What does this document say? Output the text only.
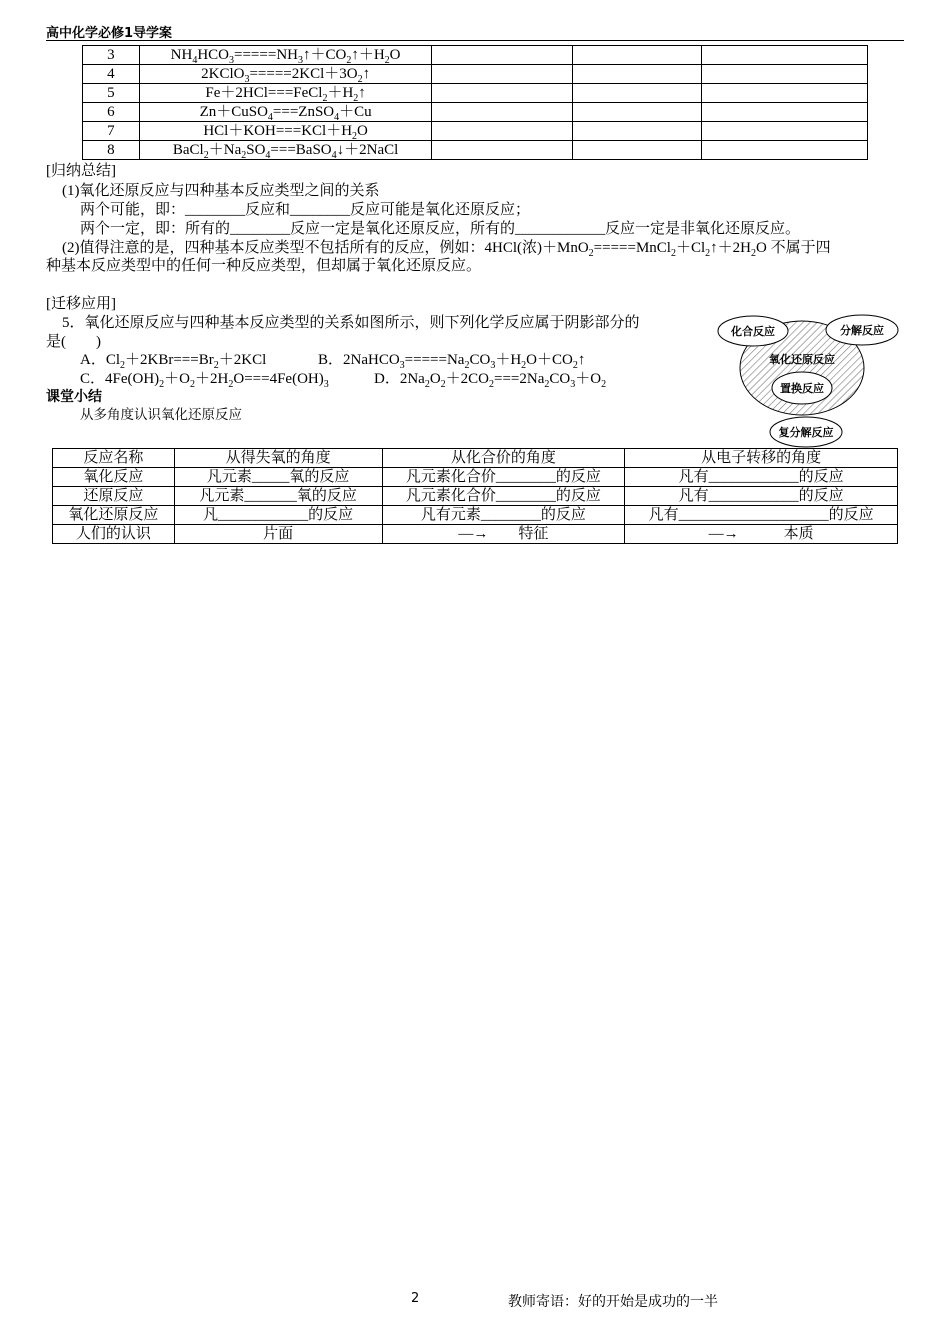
高中化学必修1导学案
3	$NH_4HCO_3=====NH_3↑+CO_2↑+H_2O$			
4	$2KClO_3=====2KCl+3O_2↑$			
5	$Fe+2HCl===FeCl_2+H_2↑$			
6	Zn＋CuSO$_4$===ZnSO$_4$＋Cu			
7	$HCl+KOH===KCl+H_2O$			
8	$BaCl_2+Na_2SO_4===BaSO_4↓+2NaCl$			
[归纳总结]
(1)氧化还原反应与四种基本反应类型之间的关系
两个可能，即：________反应和________反应可能是氧化还原反应；
两个一定，即：所有的________反应一定是氧化还原反应，所有的____________反应一定是非氧化还原反应。
(2)值得注意的是，四种基本反应类型不包括所有的反应，例如：4HCl(浓)$+MnO_2=====MnCl_2+Cl_2↑+2H_2O$ 不属于四
种基本反应类型中的任何一种反应类型，但却属于氧化还原反应。
[迁移应用]
5．氧化还原反应与四种基本反应类型的关系如图所示，则下列化学反应属于阴影部分的
是(　　)
A．$Cl_2+2KBr===Br_2+2KCl$	B．$2NaHCO_3=====Na_2CO_3+H_2O+CO_2↑$
C．$4Fe(OH)_2+O_2+2H_2O===4Fe(OH)_3$	D．$2Na_2O_2+2CO_2===2Na_2CO_3+O_2$
化合反应	分解反应
氧化还原反应
置换反应
复分解反应
课堂小结
从多角度认识氧化还原反应
反应名称	从得失氧的角度	从化合价的角度	从电子转移的角度
氧化反应	凡元素_____氧的反应	凡元素化合价________的反应	凡有____________的反应
还原反应	凡元素_______氧的反应	凡元素化合价________的反应	凡有____________的反应
氧化还原反应	凡____________的反应	凡有元素________的反应	凡有____________________的反应
人们的认识	片面	—→　　特征	—→　　　本质
2	教师寄语：好的开始是成功的一半
